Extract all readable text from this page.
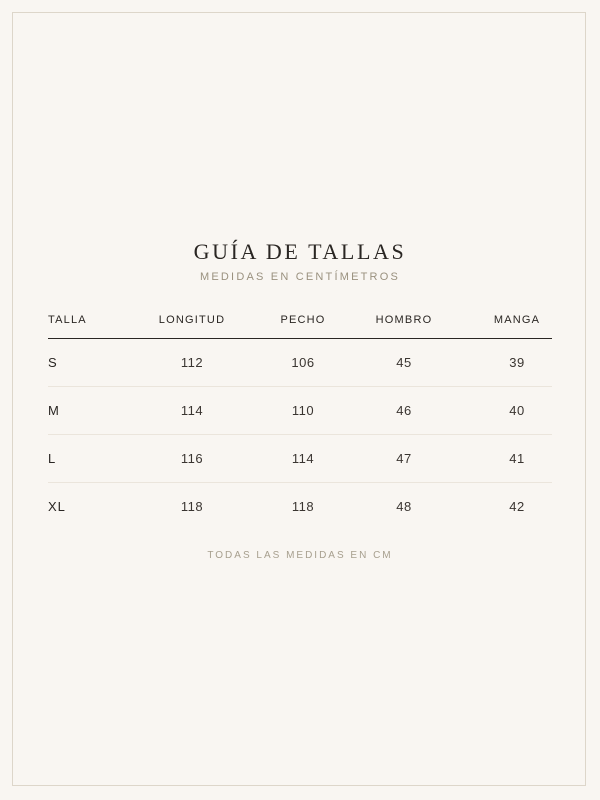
GUÍA DE TALLAS
MEDIDAS EN CENTÍMETROS
TALLA	LONGITUD	PECHO	HOMBRO	MANGA
S	112	106	45	39
M	114	110	46	40
L	116	114	47	41
XL	118	118	48	42
TODAS LAS MEDIDAS EN CM
